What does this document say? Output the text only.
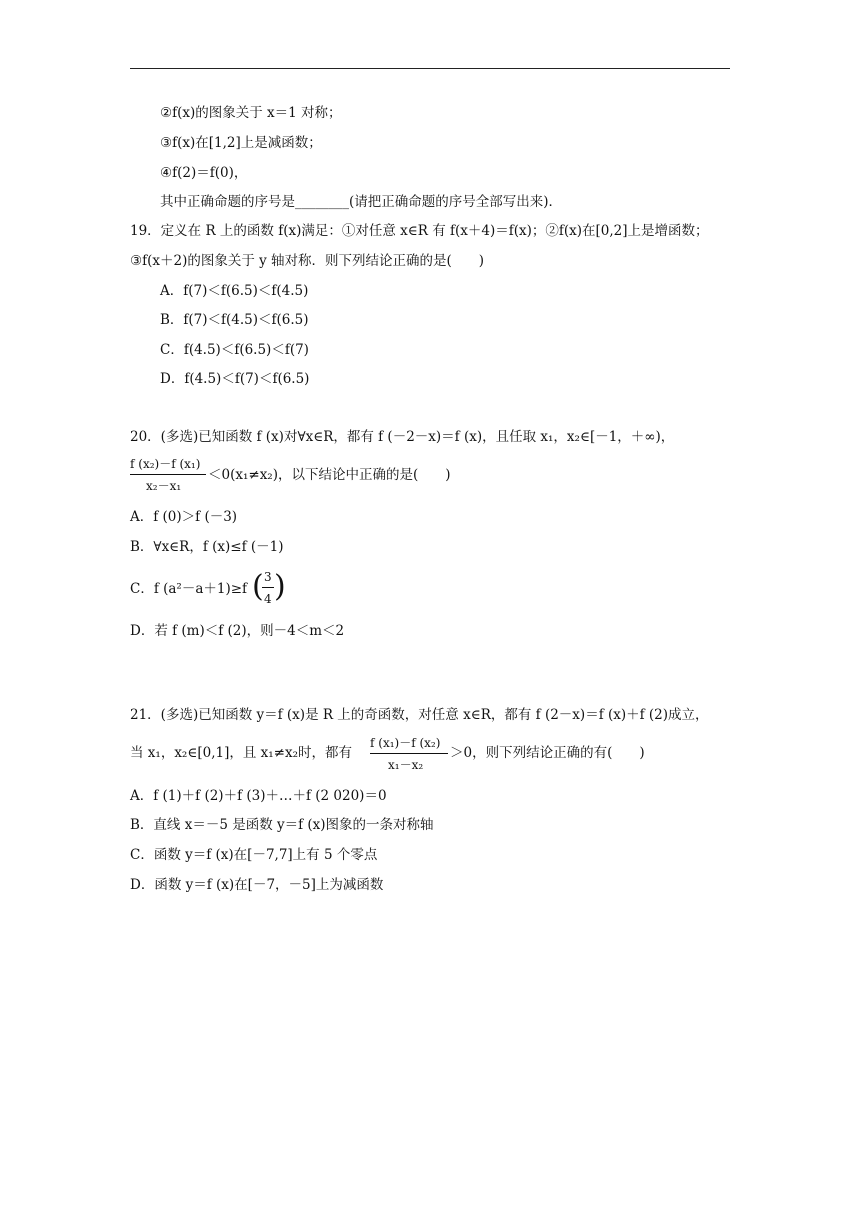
②f(x)的图象关于 x＝1 对称；
③f(x)在[1,2]上是减函数；
④f(2)＝f(0)，
其中正确命题的序号是________(请把正确命题的序号全部写出来)．
19．定义在 R 上的函数 f(x)满足：①对任意 x∈R 有 f(x＋4)＝f(x)；②f(x)在[0,2]上是增函数；
③f(x＋2)的图象关于 y 轴对称．则下列结论正确的是(　　)
A．f(7)＜f(6.5)＜f(4.5)
B．f(7)＜f(4.5)＜f(6.5)
C．f(4.5)＜f(6.5)＜f(7)
D．f(4.5)＜f(7)＜f(6.5)
20．(多选)已知函数 f (x)对∀x∈R，都有 f (－2－x)＝f (x)，且任取 x₁，x₂∈[－1，＋∞)，
f (x₂)－f (x₁)
x₂－x₁
＜0(x₁≠x₂)，以下结论中正确的是(　　)
A．f (0)＞f (－3)
B．∀x∈R，f (x)≤f (－1)
C．f (a²－a＋1)≥f ( 3
4 )
D．若 f (m)＜f (2)，则－4＜m＜2
21．(多选)已知函数 y＝f (x)是 R 上的奇函数，对任意 x∈R，都有 f (2－x)＝f (x)＋f (2)成立，
当 x₁，x₂∈[0,1]，且 x₁≠x₂时，都有
f (x₁)－f (x₂)
x₁－x₂
＞0，则下列结论正确的有(　　)
A．f (1)＋f (2)＋f (3)＋…＋f (2 020)＝0
B．直线 x＝－5 是函数 y＝f (x)图象的一条对称轴
C．函数 y＝f (x)在[－7,7]上有 5 个零点
D．函数 y＝f (x)在[－7，－5]上为减函数
